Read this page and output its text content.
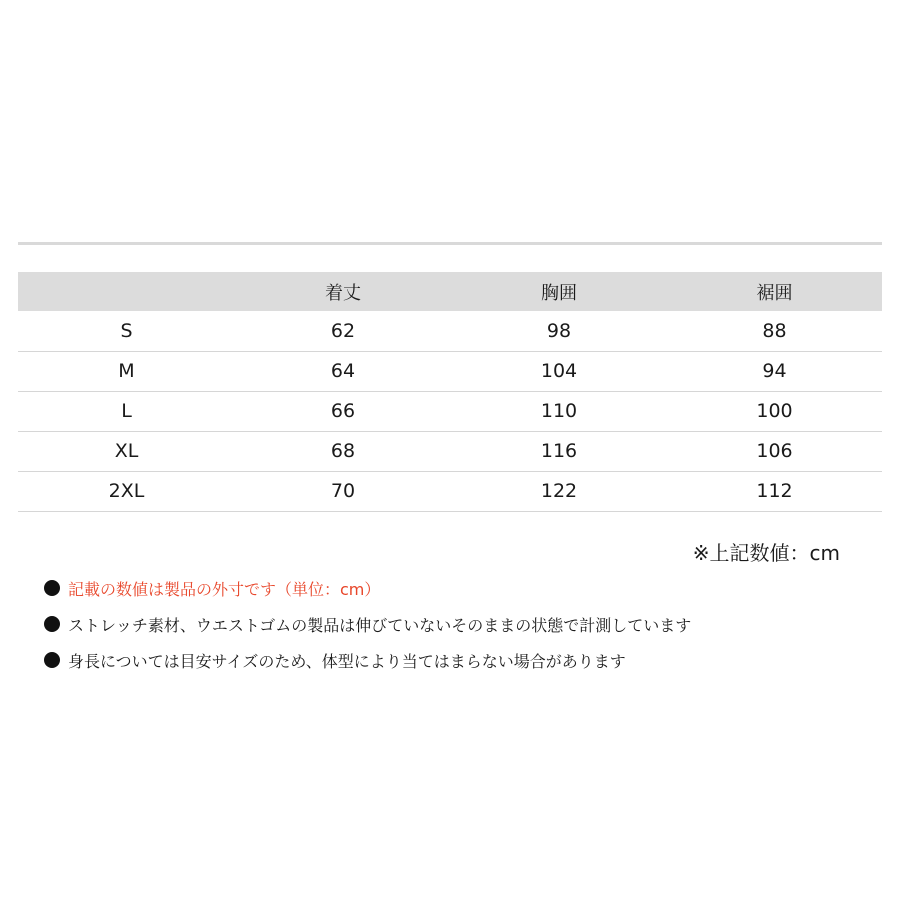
	着丈	胸囲	裾囲
S	62	98	88
M	64	104	94
L	66	110	100
XL	68	116	106
2XL	70	122	112
※上記数値：cm
記載の数値は製品の外寸です（単位：cm）
ストレッチ素材、ウエストゴムの製品は伸びていないそのままの状態で計測しています
身長については目安サイズのため、体型により当てはまらない場合があります
